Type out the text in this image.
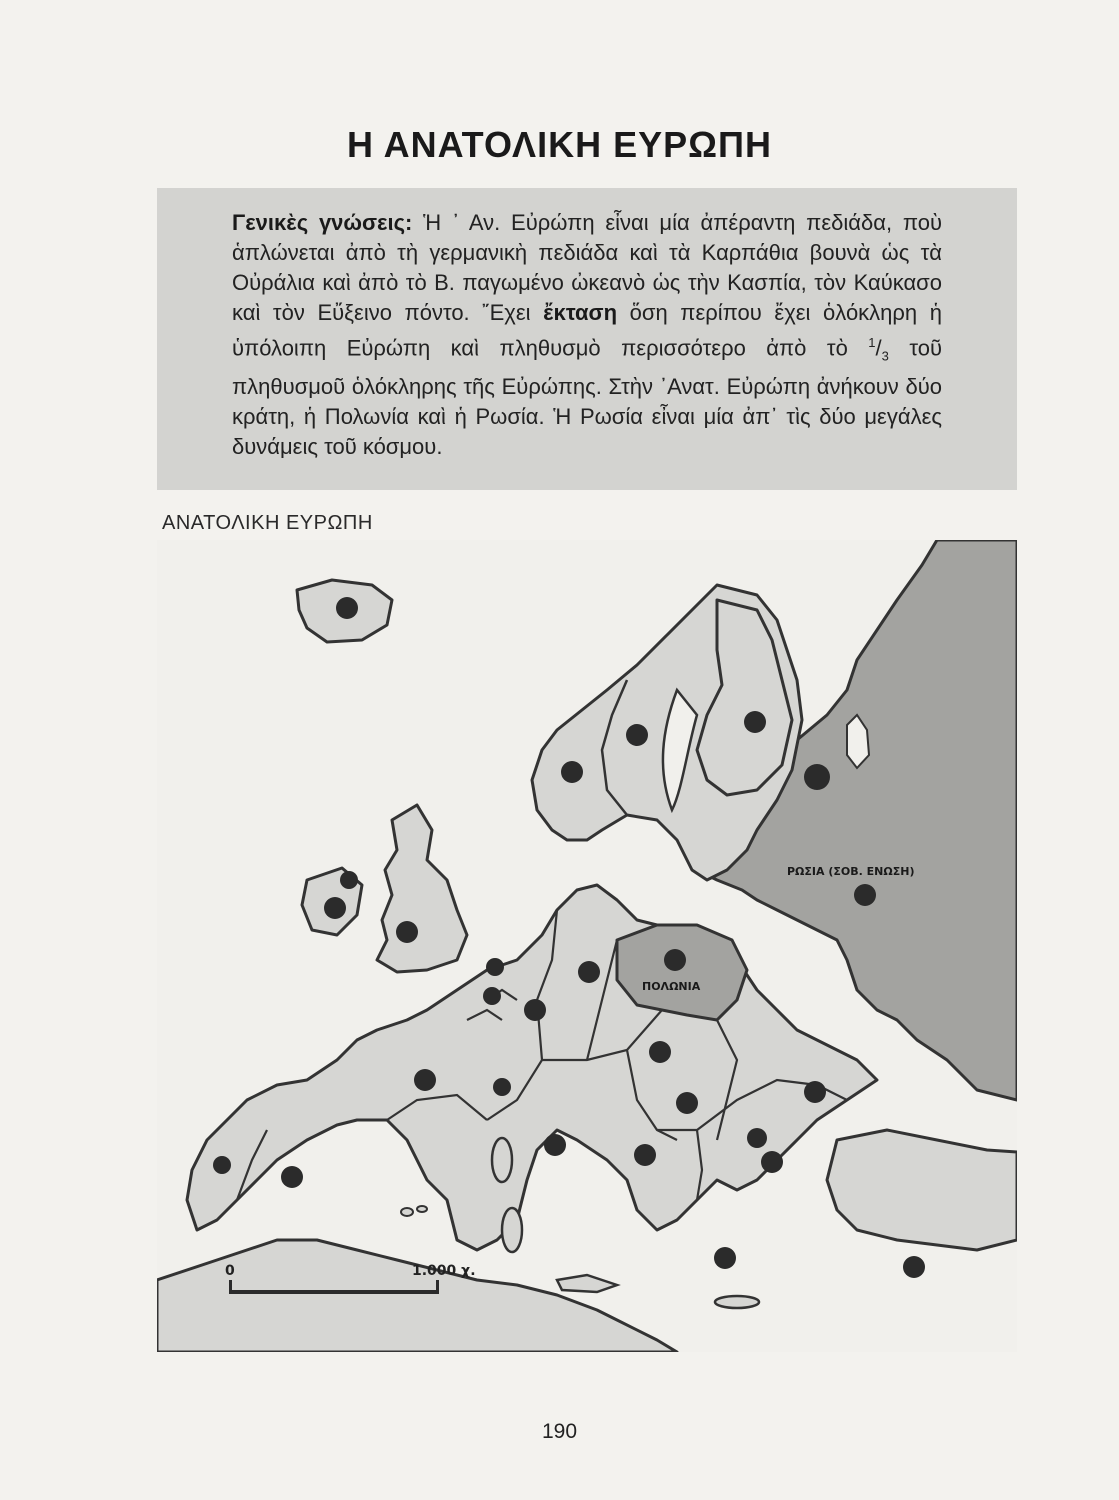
Η ΑΝΑΤΟΛΙΚΗ ΕΥΡΩΠΗ

Γενικὲς γνώσεις: Ἡ ᾿ Αν. Εὐρώπη εἶναι μία ἀπέραντη πεδιάδα, ποὺ ἁπλώνεται ἀπὸ τὴ γερμανικὴ πεδιάδα καὶ τὰ Καρπάθια βουνὰ ὡς τὰ Οὐράλια καὶ ἀπὸ τὸ Β. παγωμένο ὠκεανὸ ὡς τὴν Κασπία, τὸν Καύκασο καὶ τὸν Εὔξεινο πόντο. ῎Εχει ἔκταση ὅση περίπου ἔχει ὁλόκληρη ἡ ὑπόλοιπη Εὐρώπη καὶ πληθυσμὸ περισσότερο ἀπὸ τὸ $^1/_3$ τοῦ πληθυσμοῦ ὁλόκληρης τῆς Εὐρώπης. Στὴν ᾿Ανατ. Εὐρώπη ἀνήκουν δύο κράτη, ἡ Πολωνία καὶ ἡ Ρωσία. Ἡ Ρωσία εἶναι μία ἀπ᾿ τὶς δύο μεγάλες δυνάμεις τοῦ κόσμου.

ΑΝΑΤΟΛΙΚΗ ΕΥΡΩΠΗ
0	1.000 χ.
ΡΩΣΙΑ (ΣΟΒ. ΕΝΩΣΗ)
ΠΟΛΩΝΙΑ
190
